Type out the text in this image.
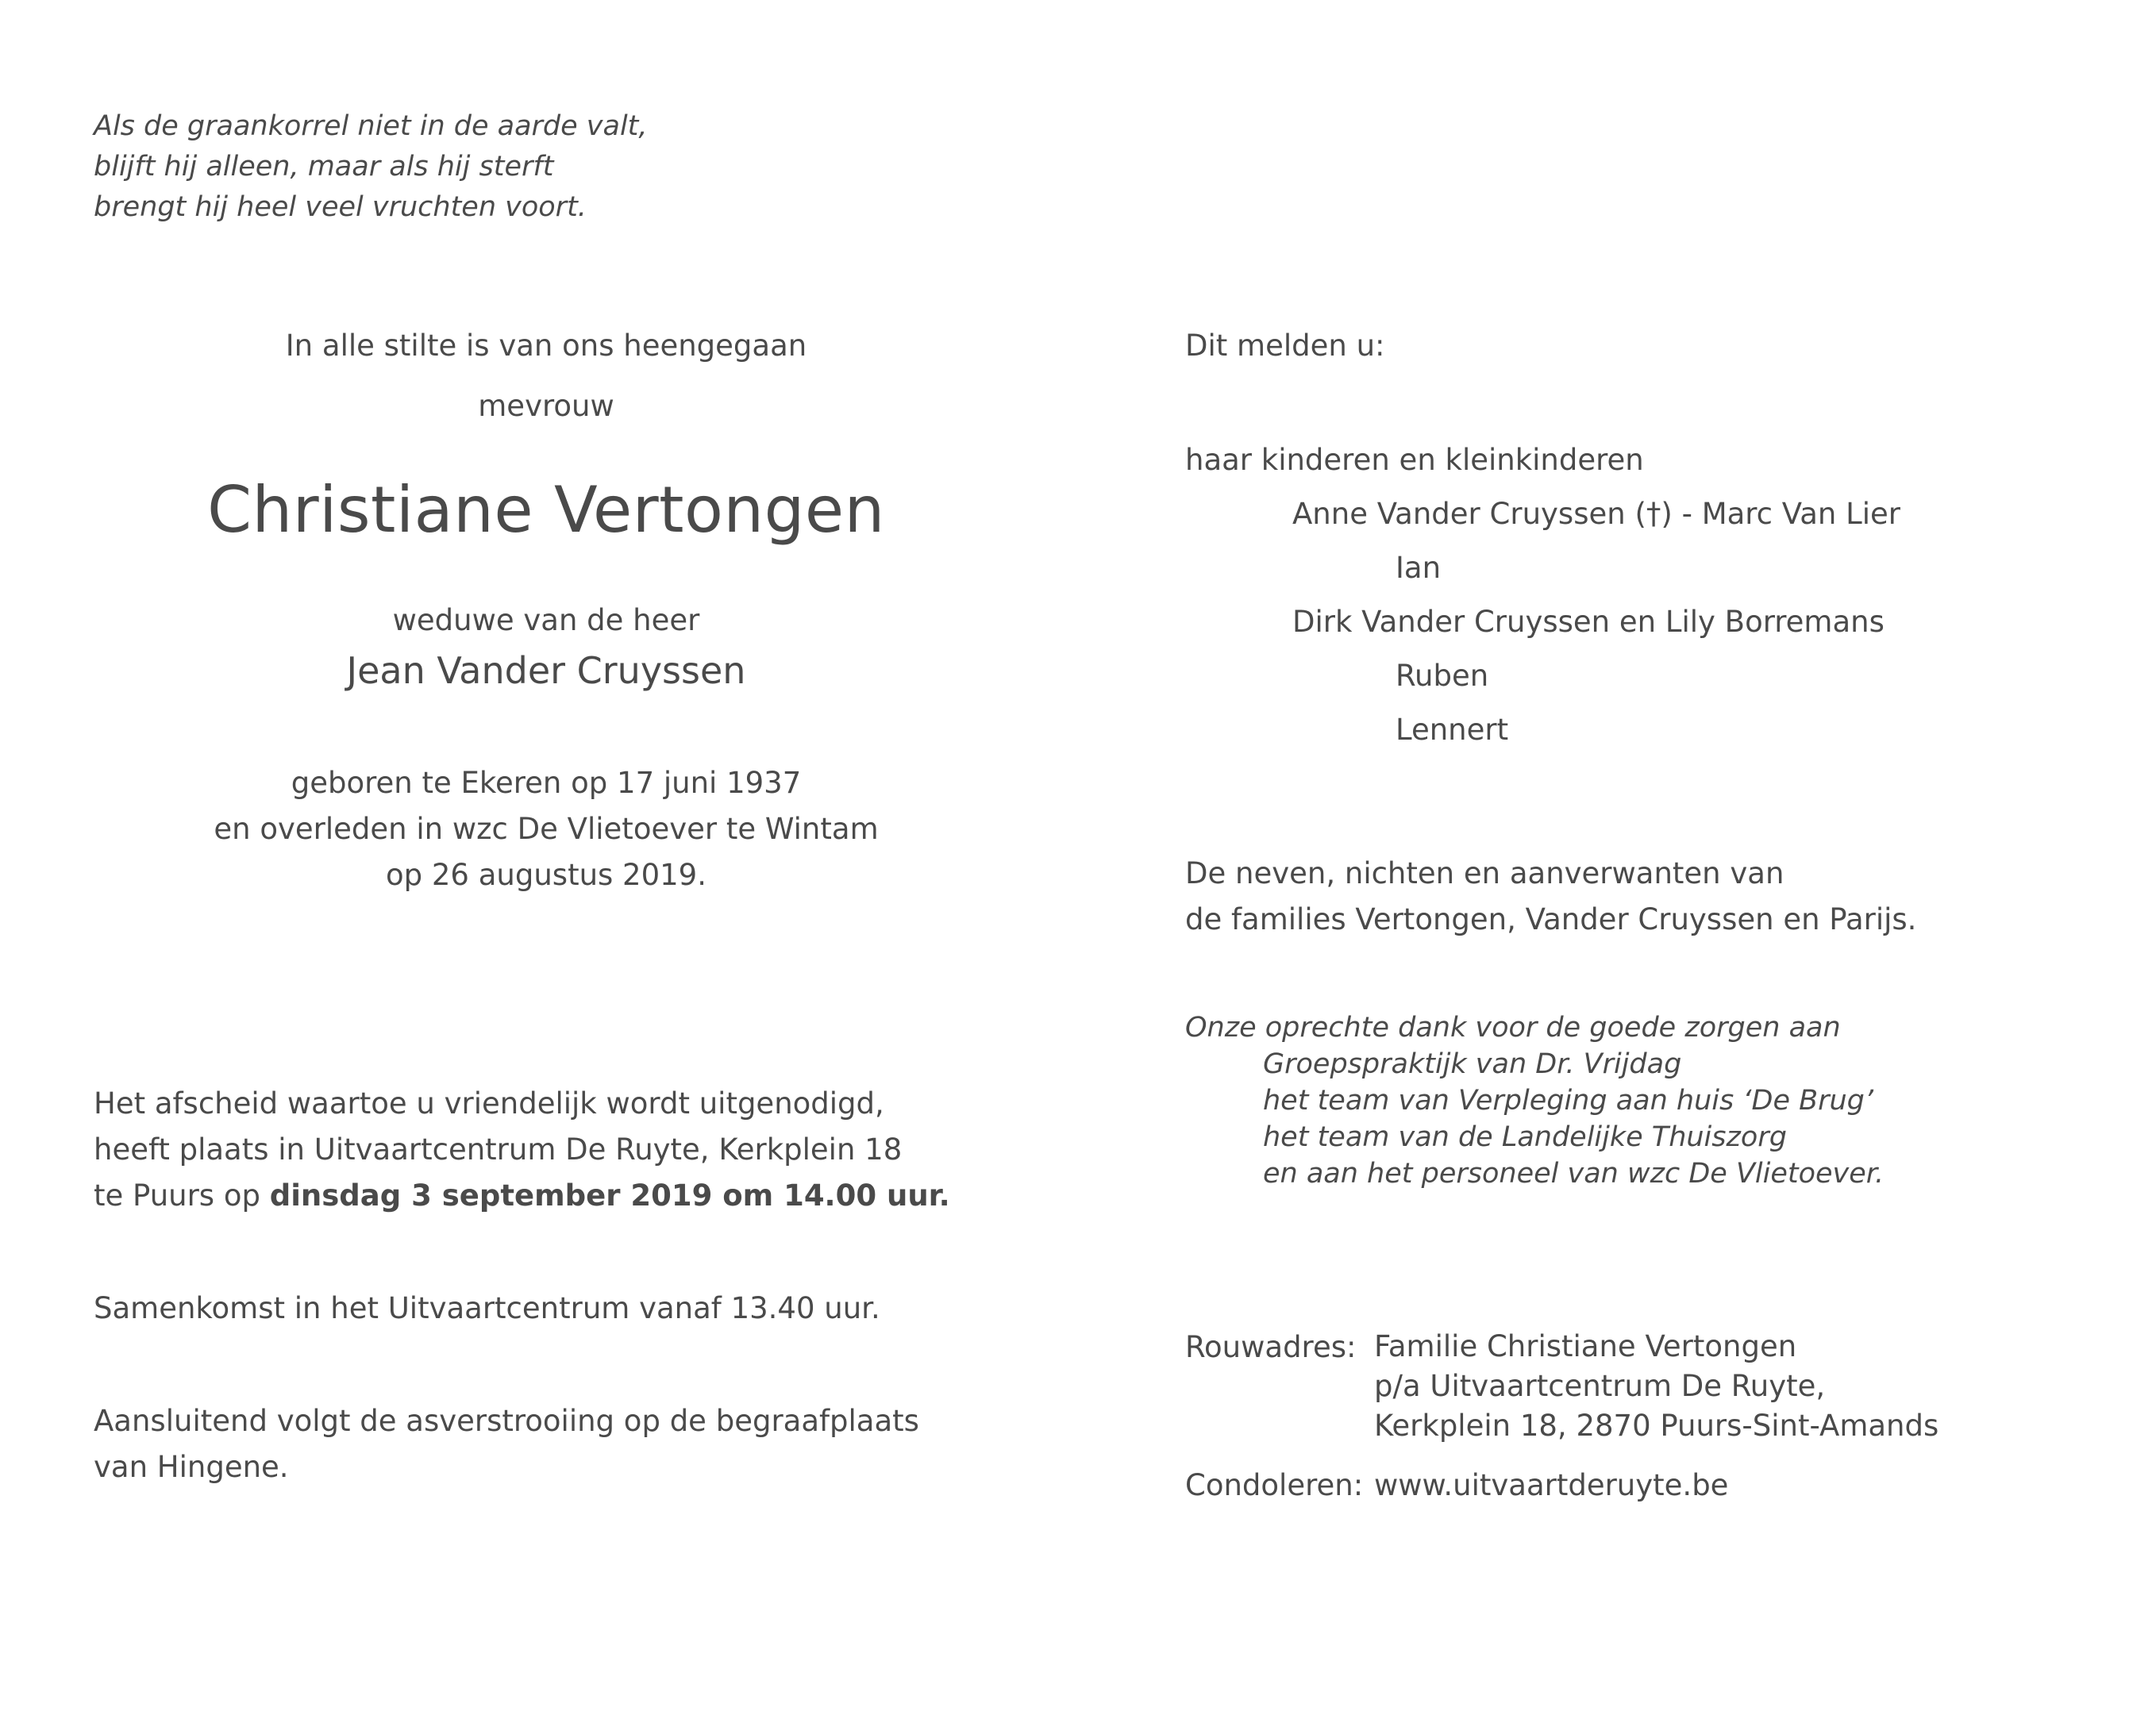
Als de graankorrel niet in de aarde valt,
blijft hij alleen, maar als hij sterft
brengt hij heel veel vruchten voort.
In alle stilte is van ons heengegaan
mevrouw
Christiane Vertongen
weduwe van de heer
Jean Vander Cruyssen
geboren te Ekeren op 17 juni 1937
en overleden in wzc De Vlietoever te Wintam
op 26 augustus 2019.
Het afscheid waartoe u vriendelijk wordt uitgenodigd,
heeft plaats in Uitvaartcentrum De Ruyte, Kerkplein 18
te Puurs op dinsdag 3 september 2019 om 14.00 uur.
Samenkomst in het Uitvaartcentrum vanaf 13.40 uur.
Aansluitend volgt de asverstrooiing op de begraafplaats
van Hingene.
Dit melden u:
haar kinderen en kleinkinderen
Anne Vander Cruyssen (†) - Marc Van Lier
Ian
Dirk Vander Cruyssen en Lily Borremans
Ruben
Lennert
De neven, nichten en aanverwanten van
de families Vertongen, Vander Cruyssen en Parijs.
Onze oprechte dank voor de goede zorgen aan
Groepspraktijk van Dr. Vrijdag
het team van Verpleging aan huis ‘De Brug’
het team van de Landelijke Thuiszorg
en aan het personeel van wzc De Vlietoever.
Rouwadres: Familie Christiane Vertongen
p/a Uitvaartcentrum De Ruyte,
Kerkplein 18, 2870 Puurs-Sint-Amands
Condoleren: www.uitvaartderuyte.be
